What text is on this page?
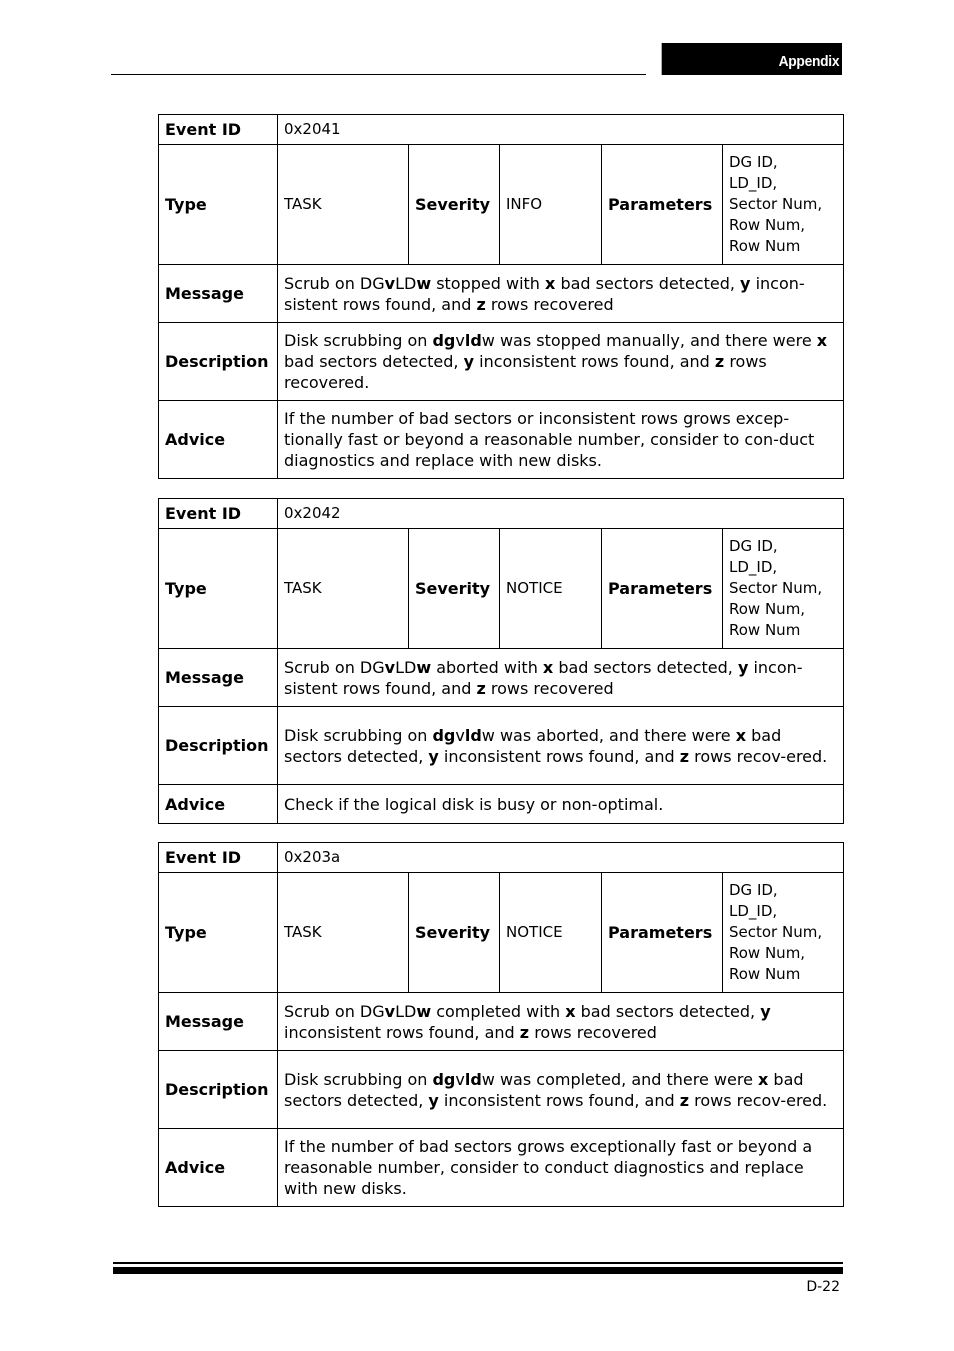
Appendix
Event ID	0x2041				
Type	TASK	Severity	INFO	Parameters	DG ID,
LD_ID,
Sector Num,
Row Num,
Row Num

Message	Scrub on DGvLDw stopped with x bad sectors detected, y incon-sistent rows found, and z rows recovered				
Description	Disk scrubbing on dgvldw was stopped manually, and there were x bad sectors detected, y inconsistent rows found, and z rows recovered.				
Advice	If the number of bad sectors or inconsistent rows grows excep-tionally fast or beyond a reasonable number, consider to con-duct diagnostics and replace with new disks.				
Event ID	0x2042				
Type	TASK	Severity	NOTICE	Parameters	DG ID,
LD_ID,
Sector Num,
Row Num,
Row Num

Message	Scrub on DGvLDw aborted with x bad sectors detected, y incon-sistent rows found, and z rows recovered				
Description	Disk scrubbing on dgvldw was aborted, and there were x bad sectors detected, y inconsistent rows found, and z rows recov-ered.				
Advice	Check if the logical disk is busy or non-optimal.				
Event ID	0x203a				
Type	TASK	Severity	NOTICE	Parameters	DG ID,
LD_ID,
Sector Num,
Row Num,
Row Num

Message	Scrub on DGvLDw completed with x bad sectors detected, y inconsistent rows found, and z rows recovered				
Description	Disk scrubbing on dgvldw was completed, and there were x bad sectors detected, y inconsistent rows found, and z rows recov-ered.				
Advice	If the number of bad sectors grows exceptionally fast or beyond a reasonable number, consider to conduct diagnostics and replace with new disks.				
D-22
